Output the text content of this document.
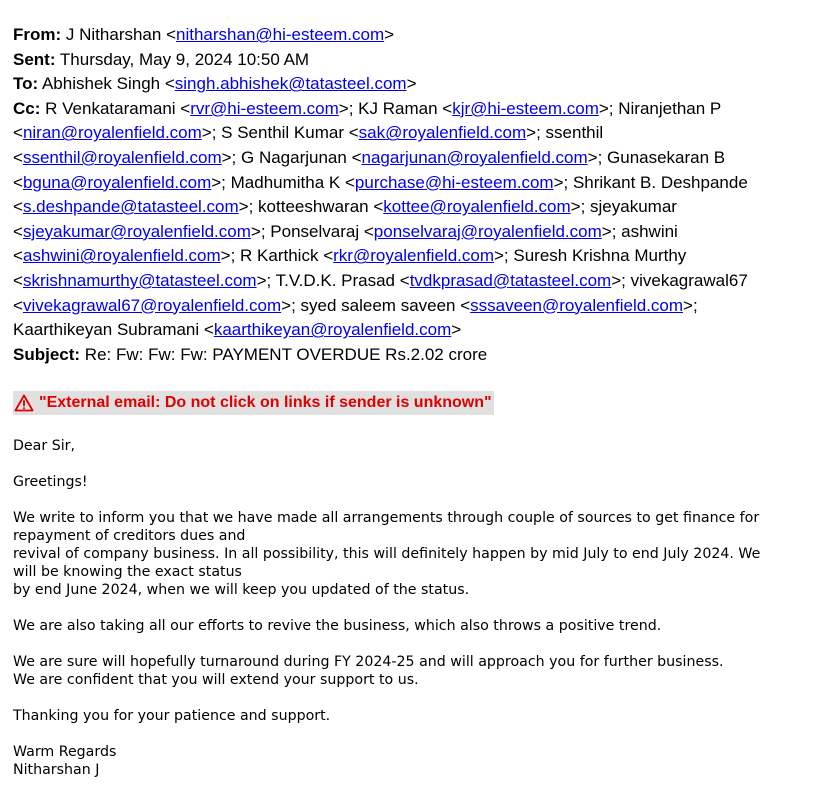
From: J Nitharshan <nitharshan@hi-esteem.com>
Sent: Thursday, May 9, 2024 10:50 AM
To: Abhishek Singh <singh.abhishek@tatasteel.com>
Cc: R Venkataramani <rvr@hi-esteem.com>; KJ Raman <kjr@hi-esteem.com>; Niranjethan P
<niran@royalenfield.com>; S Senthil Kumar <sak@royalenfield.com>; ssenthil
<ssenthil@royalenfield.com>; G Nagarjunan <nagarjunan@royalenfield.com>; Gunasekaran B
<bguna@royalenfield.com>; Madhumitha K <purchase@hi-esteem.com>; Shrikant B. Deshpande
<s.deshpande@tatasteel.com>; kotteeshwaran <kottee@royalenfield.com>; sjeyakumar
<sjeyakumar@royalenfield.com>; Ponselvaraj <ponselvaraj@royalenfield.com>; ashwini
<ashwini@royalenfield.com>; R Karthick <rkr@royalenfield.com>; Suresh Krishna Murthy
<skrishnamurthy@tatasteel.com>; T.V.D.K. Prasad <tvdkprasad@tatasteel.com>; vivekagrawal67
<vivekagrawal67@royalenfield.com>; syed saleem saveen <sssaveen@royalenfield.com>;
Kaarthikeyan Subramani <kaarthikeyan@royalenfield.com>
Subject: Re: Fw: Fw: Fw: PAYMENT OVERDUE Rs.2.02 crore
"External email: Do not click on links if sender is unknown"

Dear Sir,

Greetings!

We write to inform you that we have made all arrangements through couple of sources to get finance for

repayment of creditors dues and

revival of company business. In all possibility, this will definitely happen by mid July to end July 2024. We

will be knowing the exact status

by end June 2024, when we will keep you updated of the status.

We are also taking all our efforts to revive the business, which also throws a positive trend.

We are sure will hopefully turnaround during FY 2024-25 and will approach you for further business.

We are confident that you will extend your support to us.

Thanking you for your patience and support.

Warm Regards

Nitharshan J
